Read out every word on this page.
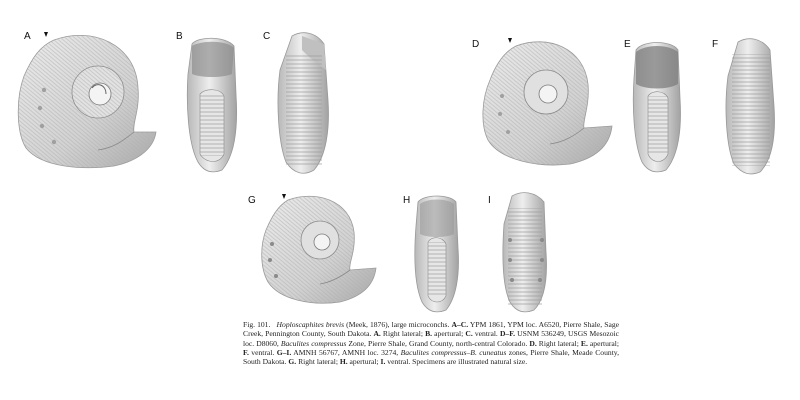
A	B	C
D	E	F
G	H	I
Fig. 101. Hoploscaphites brevis (Meek, 1876), large microconchs. A–C. YPM 1861, YPM loc. A6520, Pierre Shale, Sage Creek, Pennington County, South Dakota. A. Right lateral; B. apertural; C. ventral. D–F. USNM 536249, USGS Mesozoic loc. D8060, Baculites compressus Zone, Pierre Shale, Grand County, north-central Colorado. D. Right lateral; E. apertural; F. ventral. G–I. AMNH 56767, AMNH loc. 3274, Baculites compressus–B. cuneatus zones, Pierre Shale, Meade County, South Dakota. G. Right lateral; H. apertural; I. ventral. Specimens are illustrated natural size.
